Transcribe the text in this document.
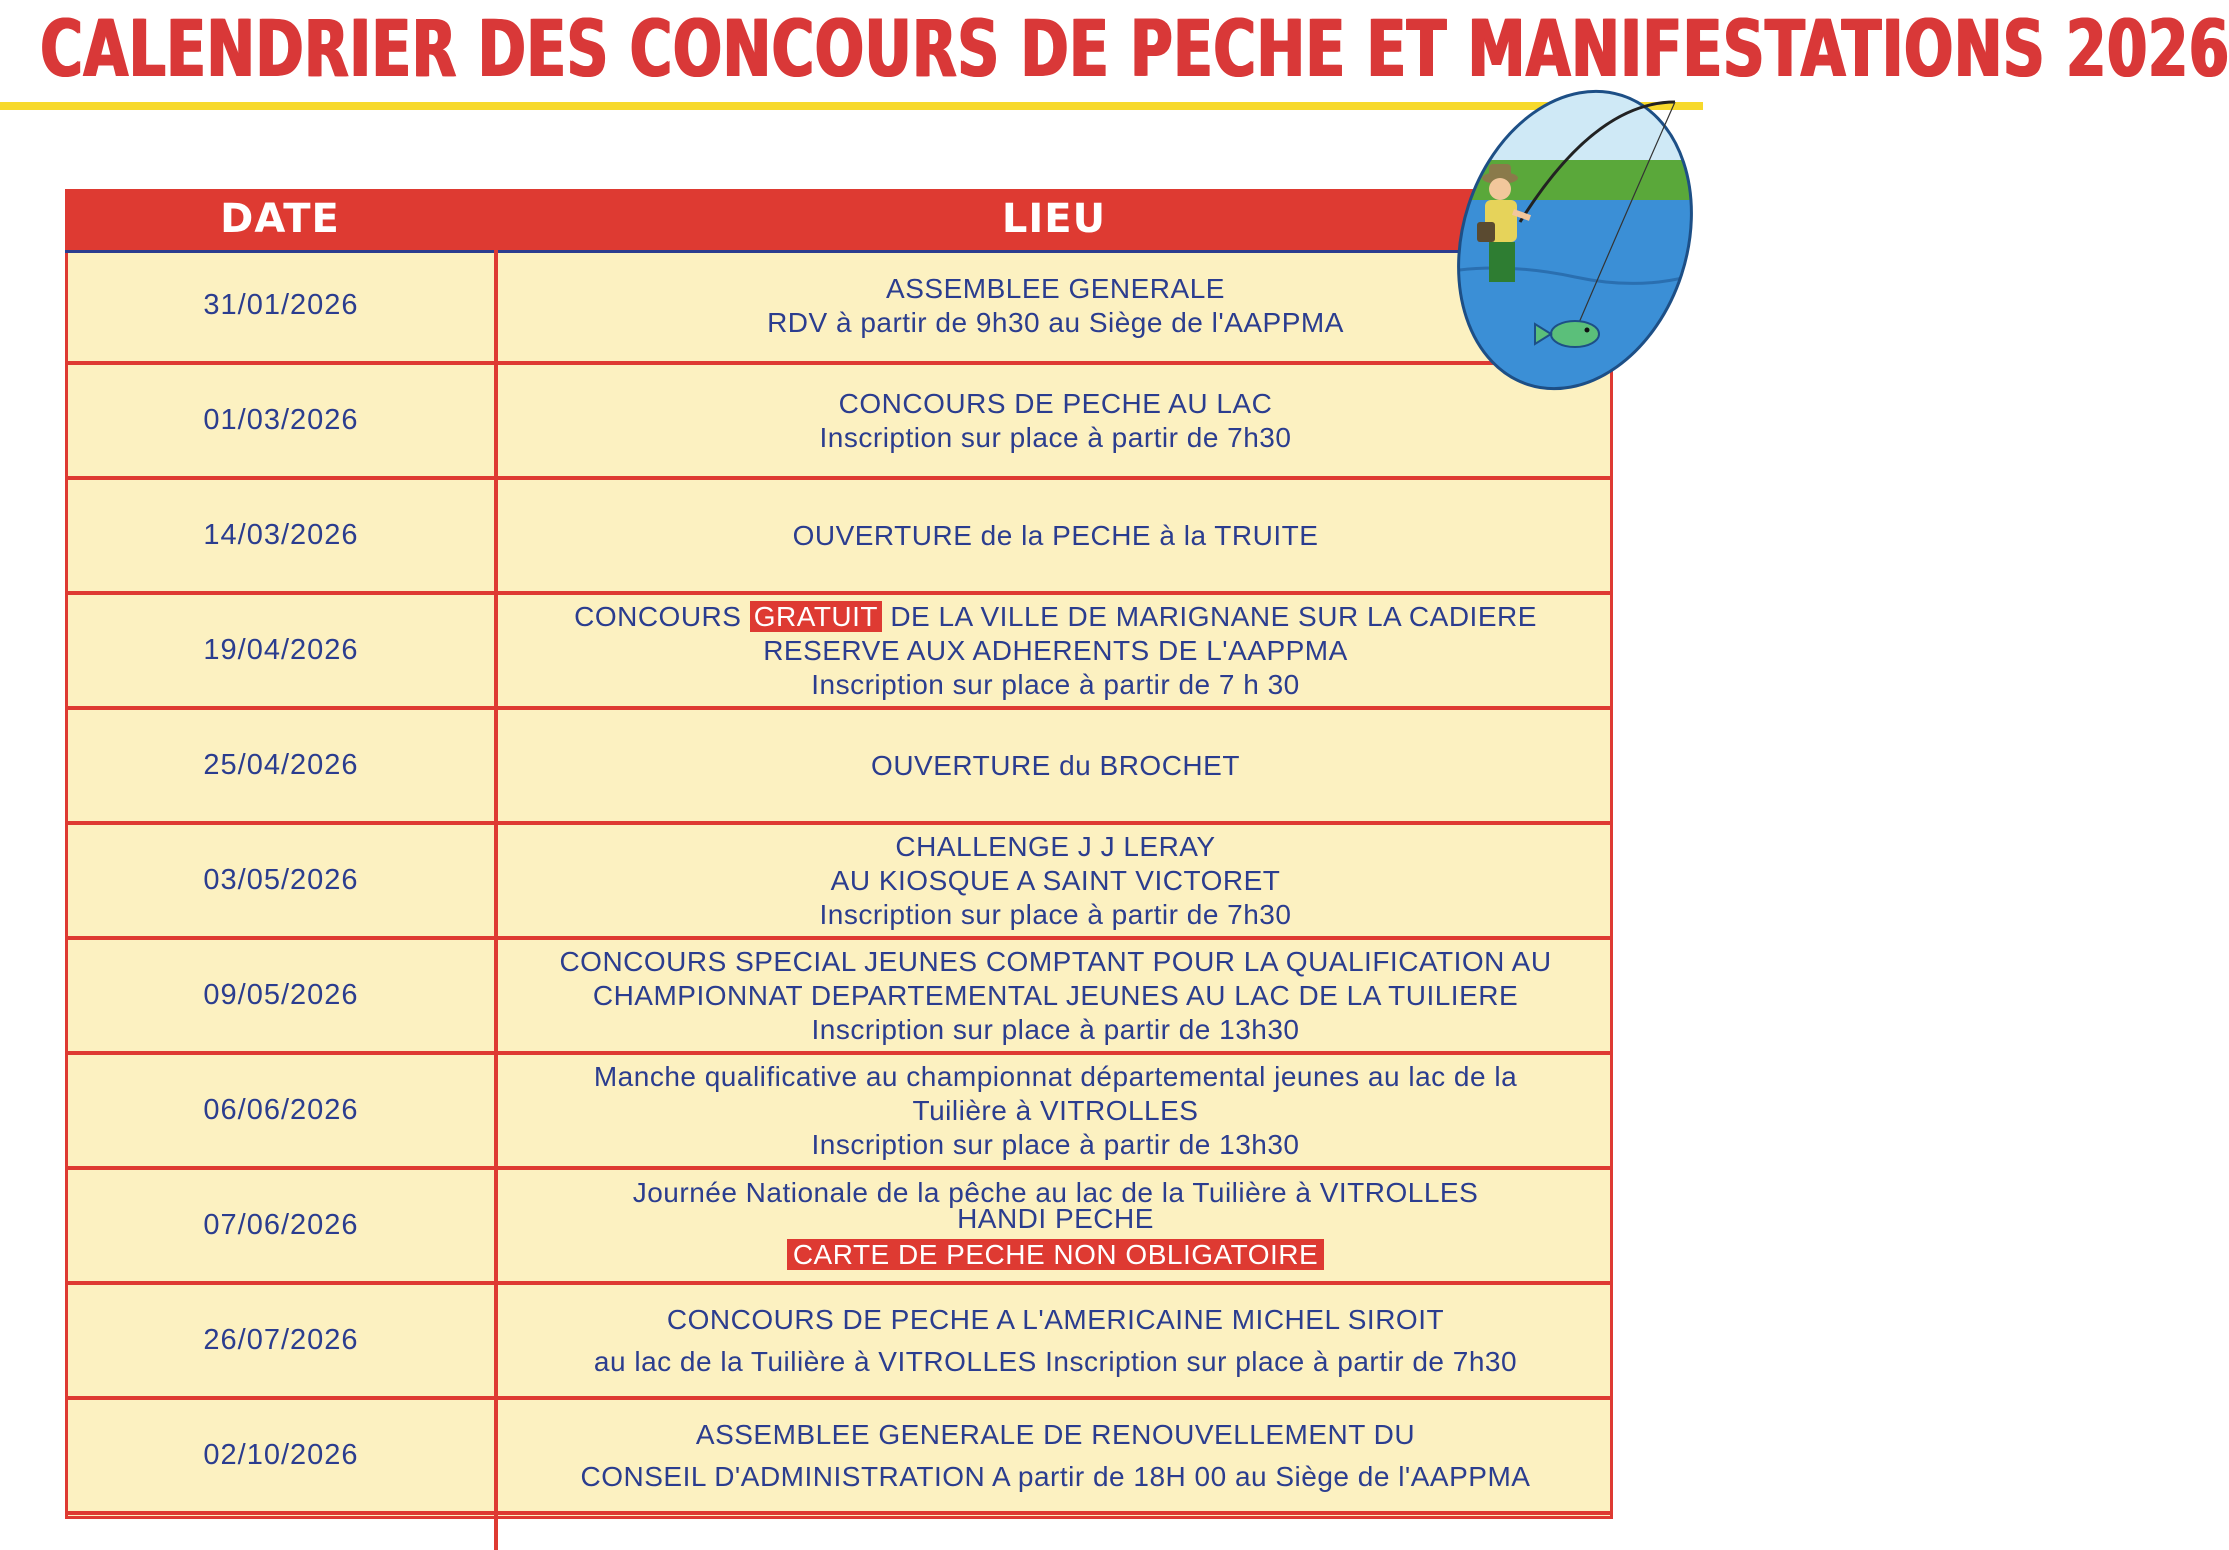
CALENDRIER DES CONCOURS DE PECHE ET MANIFESTATIONS 2026
DATE	LIEU
31/01/2026
ASSEMBLEE GENERALE
RDV à partir de 9h30 au Siège de l'AAPPMA
01/03/2026
CONCOURS DE PECHE AU LAC
Inscription sur place à partir de 7h30
14/03/2026	OUVERTURE de la PECHE à la TRUITE
19/04/2026
CONCOURS GRATUIT DE LA VILLE DE MARIGNANE SUR LA CADIERE
RESERVE AUX ADHERENTS DE L'AAPPMA
Inscription sur place à partir de 7 h 30
25/04/2026	OUVERTURE du BROCHET
03/05/2026
CHALLENGE J J LERAY
AU KIOSQUE A SAINT VICTORET
Inscription sur place à partir de 7h30
09/05/2026
CONCOURS SPECIAL JEUNES COMPTANT POUR LA QUALIFICATION AU
CHAMPIONNAT DEPARTEMENTAL JEUNES AU LAC DE LA TUILIERE
Inscription sur place à partir de 13h30
06/06/2026
Manche qualificative au championnat départemental jeunes au lac de la
Tuilière à VITROLLES
Inscription sur place à partir de 13h30
07/06/2026
Journée Nationale de la pêche au lac de la Tuilière à VITROLLES
HANDI PECHE
CARTE DE PECHE NON OBLIGATOIRE
26/07/2026
CONCOURS DE PECHE A L'AMERICAINE MICHEL SIROIT
au lac de la Tuilière à VITROLLES Inscription sur place à partir de 7h30
02/10/2026
ASSEMBLEE GENERALE DE RENOUVELLEMENT DU
CONSEIL D'ADMINISTRATION A partir de 18H 00 au Siège de l'AAPPMA
